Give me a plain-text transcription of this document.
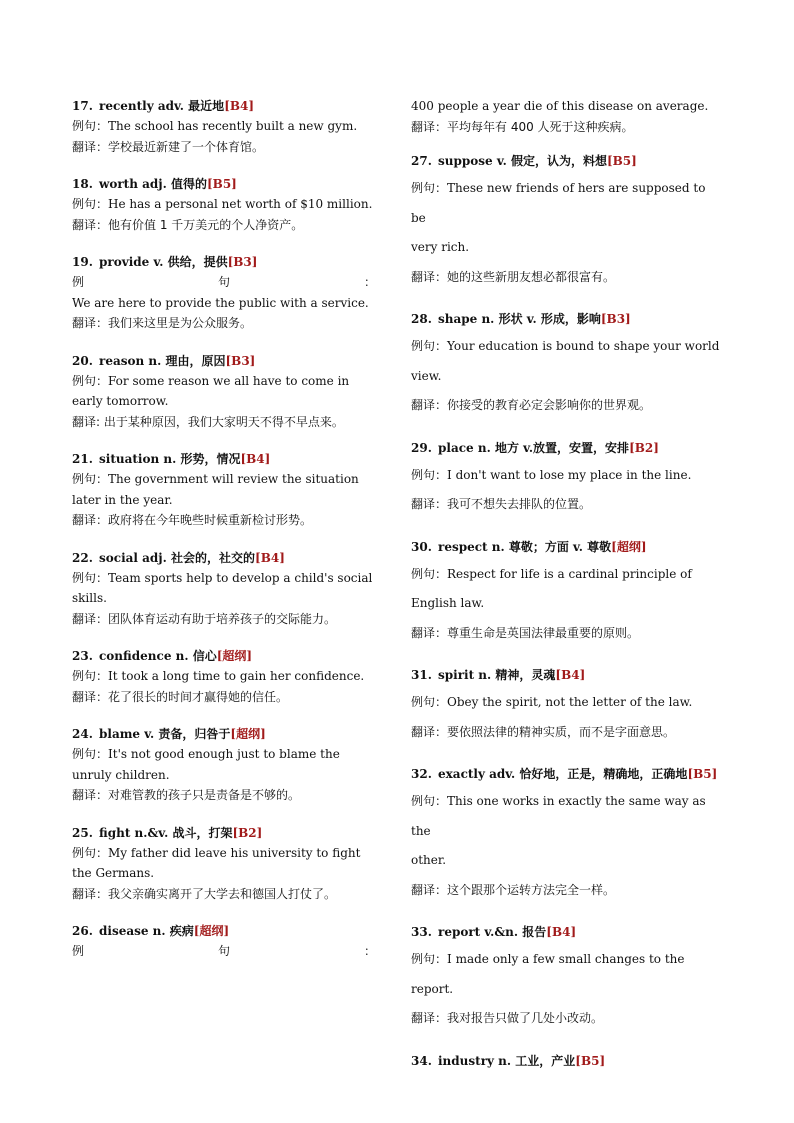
17. recently adv. 最近地[B4]
例句：The school has recently built a new gym.
翻译：学校最近新建了一个体育馆。
18. worth adj. 值得的[B5]
例句：He has a personal net worth of $10 million.
翻译：他有价值 1 千万美元的个人净资产。
19. provide v. 供给，提供[B3]
例	句	：
We are here to provide the public with a service.
翻译：我们来这里是为公众服务。
20. reason n. 理由，原因[B3]
例句：For some reason we all have to come in early tomorrow.
翻译: 出于某种原因，我们大家明天不得不早点来。
21. situation n. 形势，情况[B4]
例句：The government will review the situation later in the year.
翻译：政府将在今年晚些时候重新检讨形势。
22. social adj. 社会的，社交的[B4]
例句：Team sports help to develop a child's social skills.
翻译：团队体育运动有助于培养孩子的交际能力。
23. confidence n. 信心[超纲]
例句：It took a long time to gain her confidence.
翻译：花了很长的时间才赢得她的信任。
24. blame v. 责备，归咎于[超纲]
例句：It's not good enough just to blame the unruly children.
翻译：对难管教的孩子只是责备是不够的。
25. fight n.&v. 战斗，打架[B2]
例句：My father did leave his university to fight the Germans.
翻译：我父亲确实离开了大学去和德国人打仗了。
26. disease n. 疾病[超纲]
例	句	：
400 people a year die of this disease on average.
翻译：平均每年有 400 人死于这种疾病。
27. suppose v. 假定，认为，料想[B5]
例句：These new friends of hers are supposed to be
very rich.
翻译：她的这些新朋友想必都很富有。
28. shape n. 形状 v. 形成，影响[B3]
例句：Your education is bound to shape your world
view.
翻译：你接受的教育必定会影响你的世界观。
29. place n. 地方 v.放置，安置，安排[B2]
例句：I don't want to lose my place in the line.
翻译：我可不想失去排队的位置。
30. respect n. 尊敬；方面 v. 尊敬[超纲]
例句：Respect for life is a cardinal principle of
English law.
翻译：尊重生命是英国法律最重要的原则。
31. spirit n. 精神，灵魂[B4]
例句：Obey the spirit, not the letter of the law.
翻译：要依照法律的精神实质，而不是字面意思。
32. exactly adv. 恰好地，正是，精确地，正确地[B5]
例句：This one works in exactly the same way as the
other.
翻译：这个跟那个运转方法完全一样。
33. report v.&n. 报告[B4]
例句：I made only a few small changes to the report.
翻译：我对报告只做了几处小改动。
34. industry n. 工业，产业[B5]
